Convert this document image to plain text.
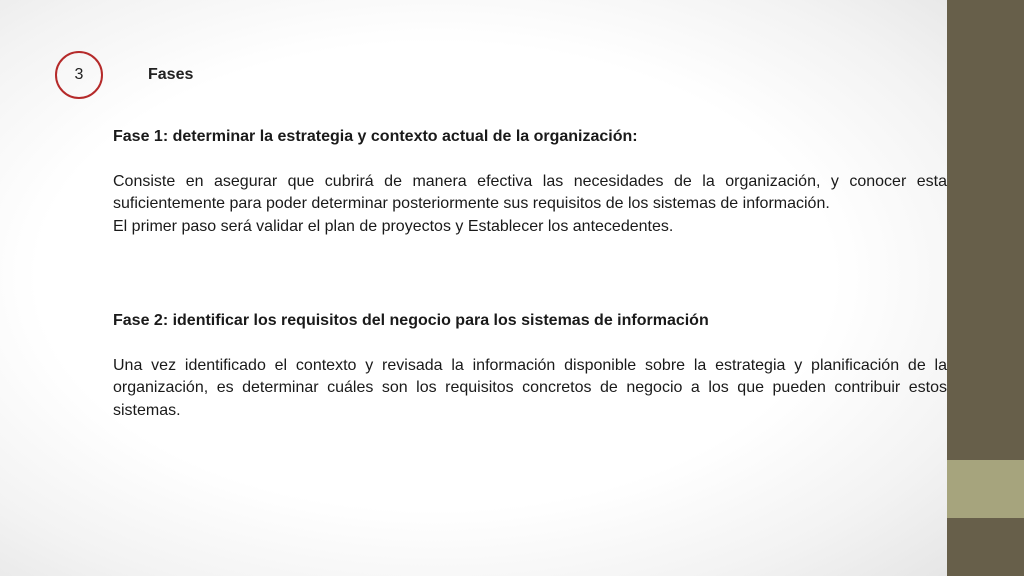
3	Fases

Fase 1: determinar la estrategia y contexto actual de la organización:

Consiste en asegurar que cubrirá de manera efectiva las necesidades de la organización, y conocer esta suficientemente para poder determinar posteriormente sus requisitos de los sistemas de información.

El primer paso será validar el plan de proyectos y Establecer los antecedentes.

Fase 2: identificar los requisitos del negocio para los sistemas de información

Una vez identificado el contexto y revisada la información disponible sobre la estrategia y planificación de la organización, es determinar cuáles son los requisitos concretos de negocio a los que pueden contribuir estos sistemas.
